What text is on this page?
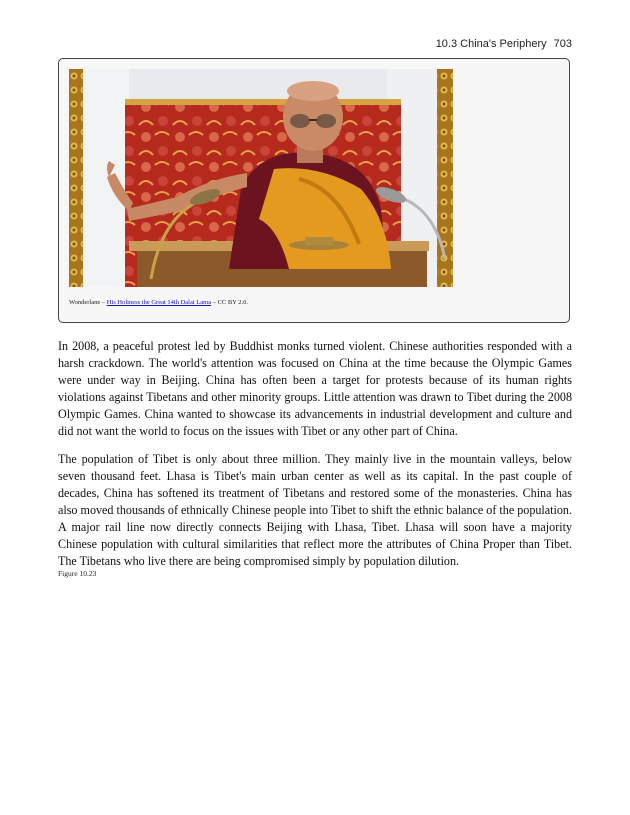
10.3 China's Periphery 703
Wonderlane – His Holiness the Great 14th Dalai Lama – CC BY 2.0.

In 2008, a peaceful protest led by Buddhist monks turned violent. Chinese authorities responded with a harsh crackdown. The world's attention was focused on China at the time because the Olympic Games were under way in Beijing. China has often been a target for protests because of its human rights violations against Tibetans and other minority groups. Little attention was drawn to Tibet during the 2008 Olympic Games. China wanted to showcase its advancements in industrial development and culture and did not want the world to focus on the issues with Tibet or any other part of China.

The population of Tibet is only about three million. They mainly live in the mountain valleys, below seven thousand feet. Lhasa is Tibet's main urban center as well as its capital. In the past couple of decades, China has softened its treatment of Tibetans and restored some of the monasteries. China has also moved thousands of ethnically Chinese people into Tibet to shift the ethnic balance of the population. A major rail line now directly connects Beijing with Lhasa, Tibet. Lhasa will soon have a majority Chinese population with cultural similarities that reflect more the attributes of China Proper than Tibet. The Tibetans who live there are being compromised simply by population dilution.

Figure 10.23
